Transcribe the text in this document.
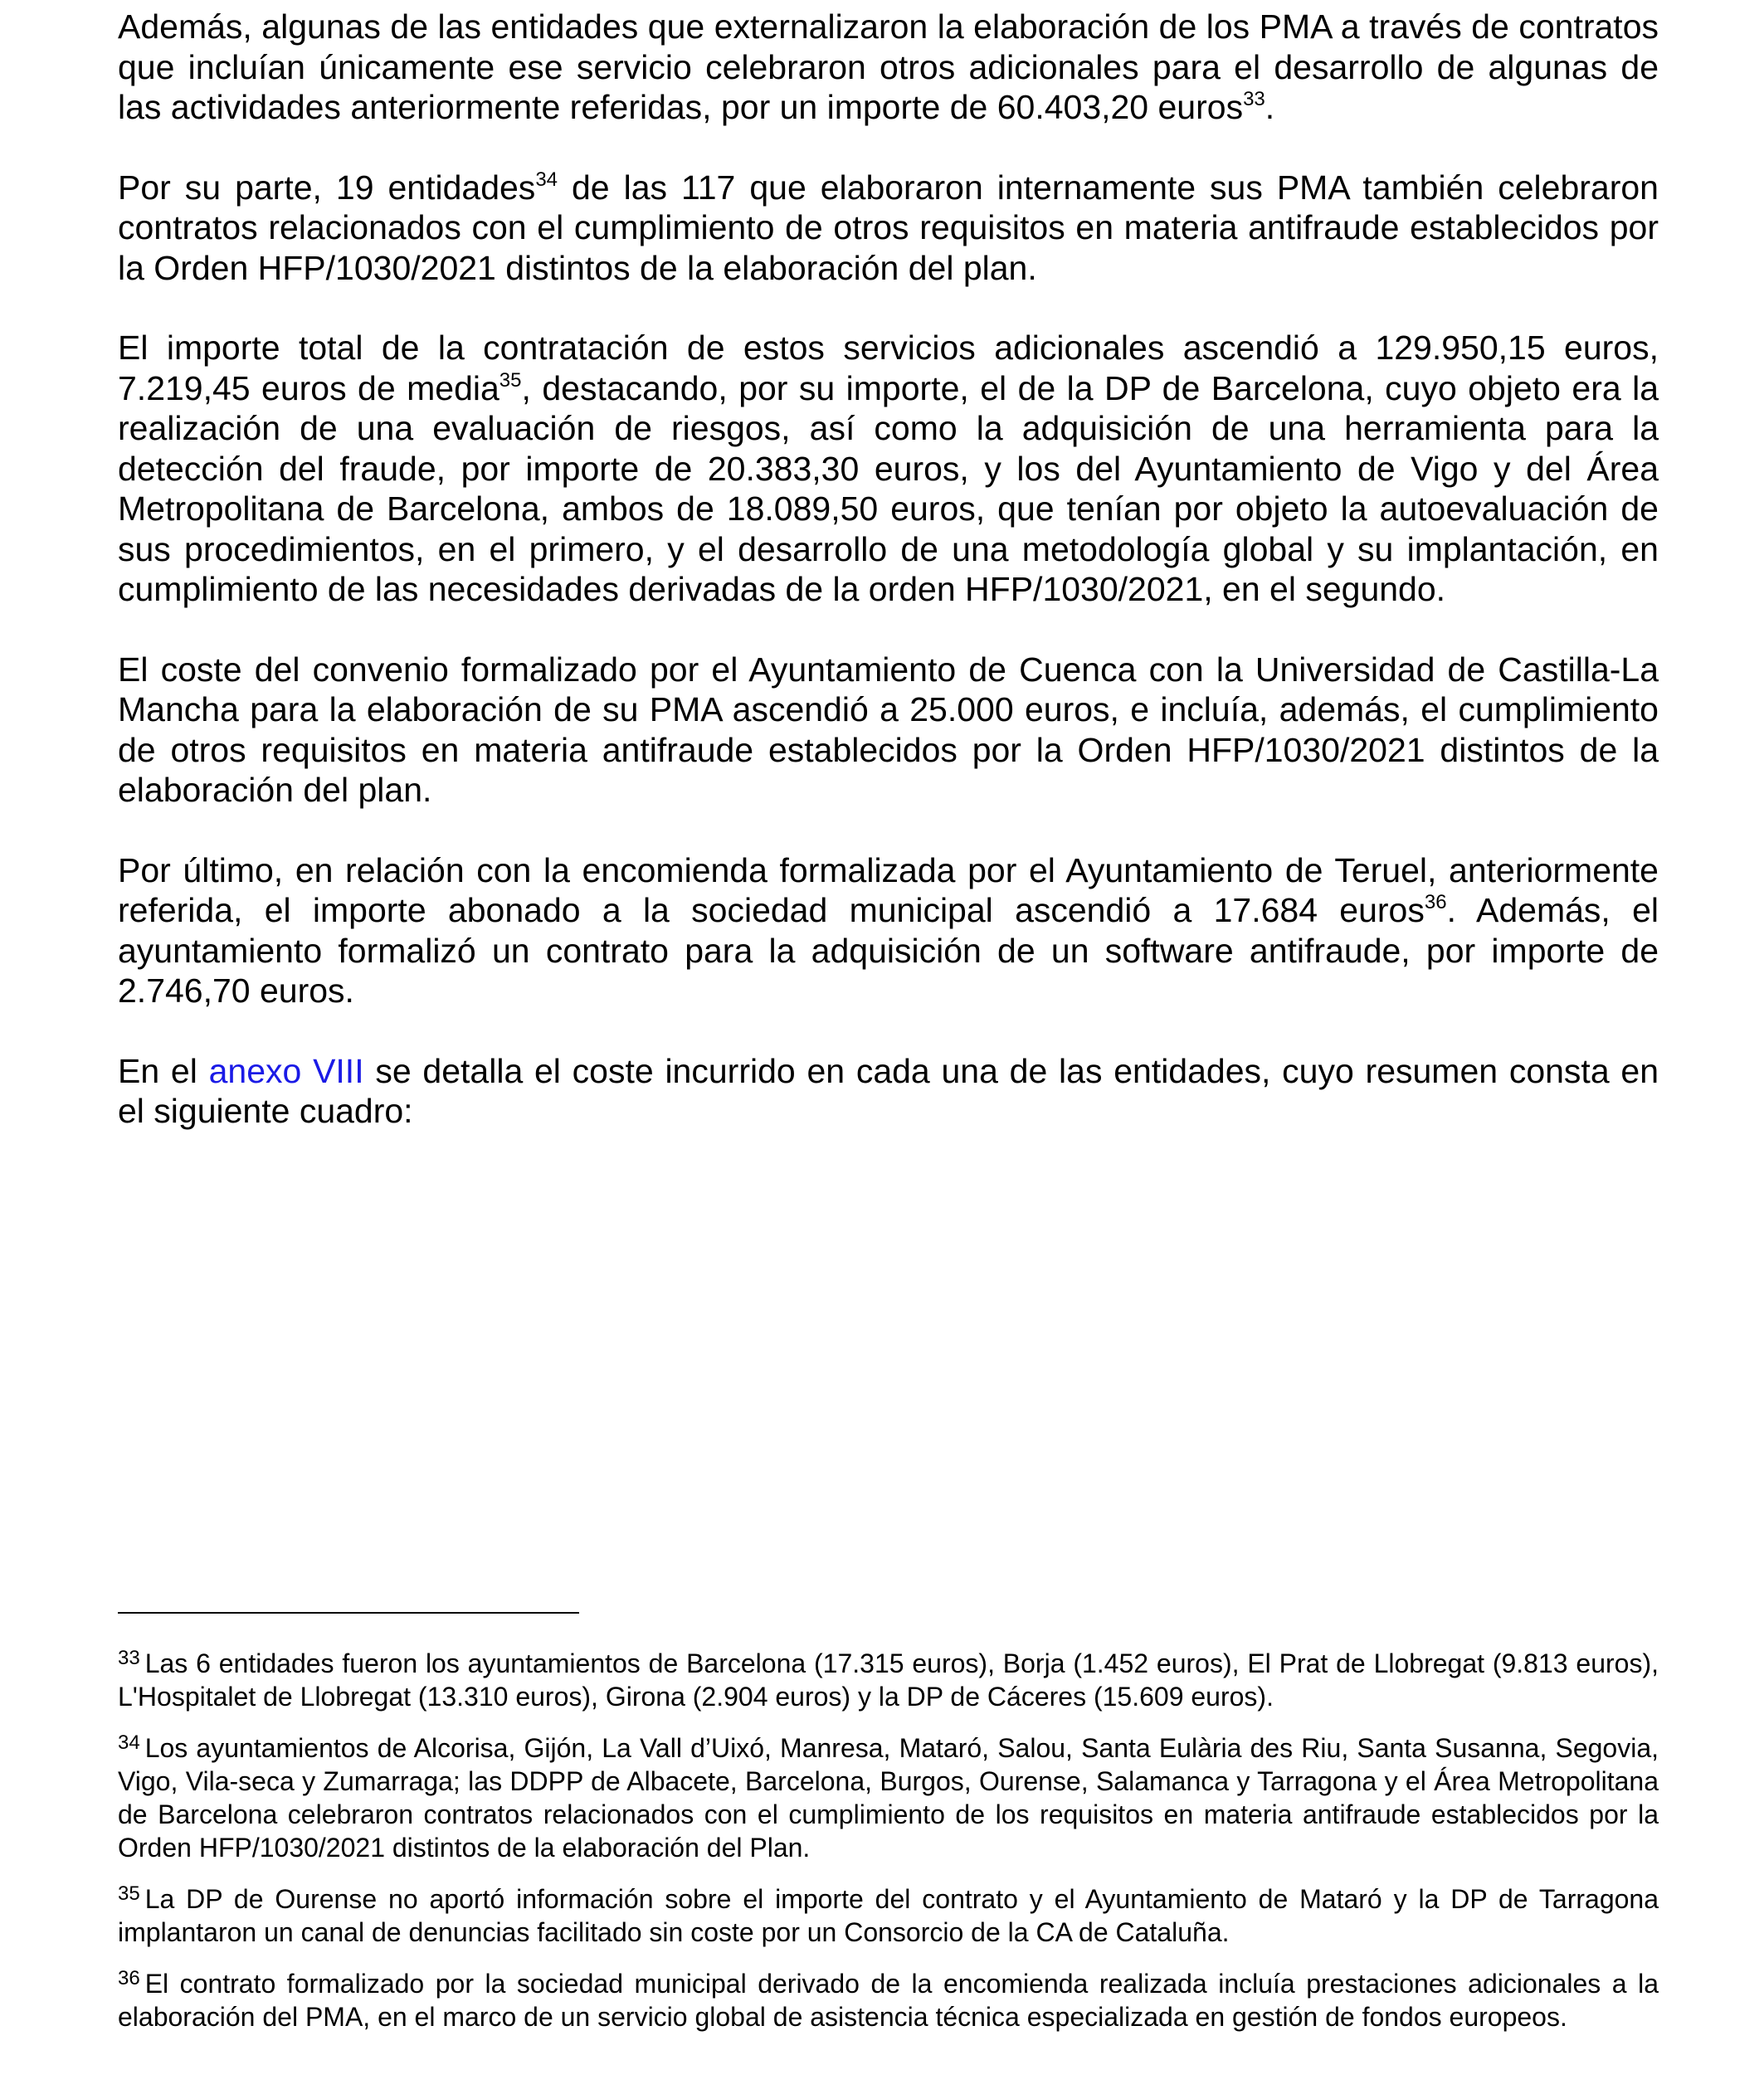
Además, algunas de las entidades que externalizaron la elaboración de los PMA a través de contratos que incluían únicamente ese servicio celebraron otros adicionales para el desarrollo de algunas de las actividades anteriormente referidas, por un importe de 60.403,20 euros$^{33}$.

Por su parte, 19 entidades$^{34}$ de las 117 que elaboraron internamente sus PMA también celebraron contratos relacionados con el cumplimiento de otros requisitos en materia antifraude establecidos por la Orden HFP/1030/2021 distintos de la elaboración del plan.

El importe total de la contratación de estos servicios adicionales ascendió a 129.950,15 euros, 7.219,45 euros de media$^{35}$, destacando, por su importe, el de la DP de Barcelona, cuyo objeto era la realización de una evaluación de riesgos, así como la adquisición de una herramienta para la detección del fraude, por importe de 20.383,30 euros, y los del Ayuntamiento de Vigo y del Área Metropolitana de Barcelona, ambos de 18.089,50 euros, que tenían por objeto la autoevaluación de sus procedimientos, en el primero, y el desarrollo de una metodología global y su implantación, en cumplimiento de las necesidades derivadas de la orden HFP/1030/2021, en el segundo.

El coste del convenio formalizado por el Ayuntamiento de Cuenca con la Universidad de Castilla-La Mancha para la elaboración de su PMA ascendió a 25.000 euros, e incluía, además, el cumplimiento de otros requisitos en materia antifraude establecidos por la Orden HFP/1030/2021 distintos de la elaboración del plan.

Por último, en relación con la encomienda formalizada por el Ayuntamiento de Teruel, anteriormente referida, el importe abonado a la sociedad municipal ascendió a 17.684 euros$^{36}$. Además, el ayuntamiento formalizó un contrato para la adquisición de un software antifraude, por importe de 2.746,70 euros.

En el anexo VIII se detalla el coste incurrido en cada una de las entidades, cuyo resumen consta en el siguiente cuadro:

$^{33}$ Las 6 entidades fueron los ayuntamientos de Barcelona (17.315 euros), Borja (1.452 euros), El Prat de Llobregat (9.813 euros), L'Hospitalet de Llobregat (13.310 euros), Girona (2.904 euros) y la DP de Cáceres (15.609 euros).

$^{34}$ Los ayuntamientos de Alcorisa, Gijón, La Vall d’Uixó, Manresa, Mataró, Salou, Santa Eulària des Riu, Santa Susanna, Segovia, Vigo, Vila-seca y Zumarraga; las DDPP de Albacete, Barcelona, Burgos, Ourense, Salamanca y Tarragona y el Área Metropolitana de Barcelona celebraron contratos relacionados con el cumplimiento de los requisitos en materia antifraude establecidos por la Orden HFP/1030/2021 distintos de la elaboración del Plan.

$^{35}$ La DP de Ourense no aportó información sobre el importe del contrato y el Ayuntamiento de Mataró y la DP de Tarragona implantaron un canal de denuncias facilitado sin coste por un Consorcio de la CA de Cataluña.

$^{36}$ El contrato formalizado por la sociedad municipal derivado de la encomienda realizada incluía prestaciones adicionales a la elaboración del PMA, en el marco de un servicio global de asistencia técnica especializada en gestión de fondos europeos.
